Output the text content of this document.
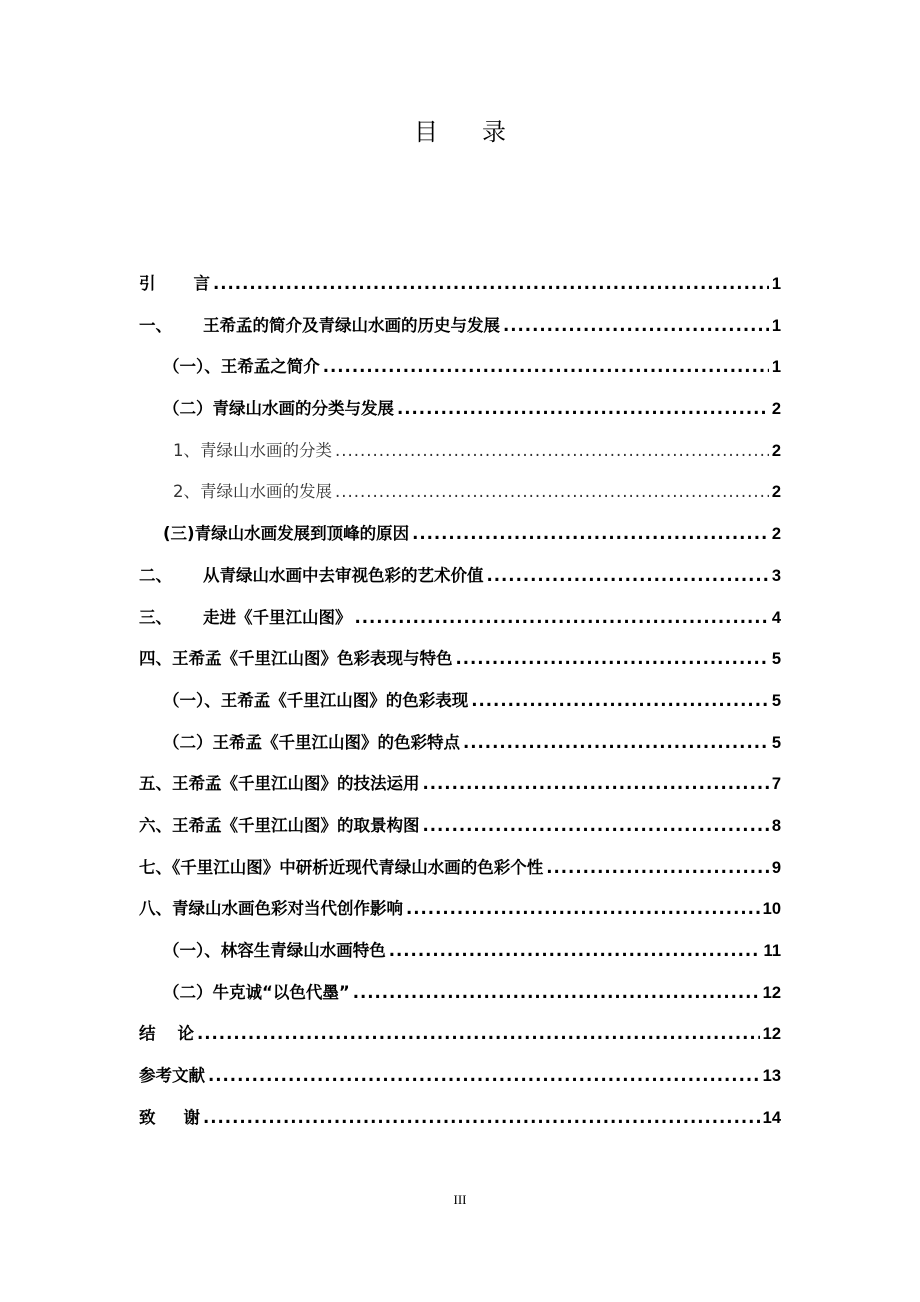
目录
引 言 .....	1
一、 王希孟的简介及青绿山水画的历史与发展 .....	1
（一）、王希孟之简介 .....	1
（二）青绿山水画的分类与发展 .....	2
1、青绿山水画的分类 .....	2
2、青绿山水画的发展 .....	2
(三)青绿山水画发展到顶峰的原因 .....	2
二、 从青绿山水画中去审视色彩的艺术价值 .....	3
三、 走进《千里江山图》 .....	4
四、王希孟《千里江山图》色彩表现与特色 .....	5
（一）、王希孟《千里江山图》的色彩表现 .....	5
（二）王希孟《千里江山图》的色彩特点 .....	5
五、王希孟《千里江山图》的技法运用 .....	7
六、王希孟《千里江山图》的取景构图 .....	8
七、《千里江山图》中研析近现代青绿山水画的色彩个性 .....	9
八、青绿山水画色彩对当代创作影响 .....	10
（一）、林容生青绿山水画特色 .....	11
（二）牛克诚“以色代墨” .....	12
结 论 .....	12
参考文献 .....	13
致 谢 .....	14
III
